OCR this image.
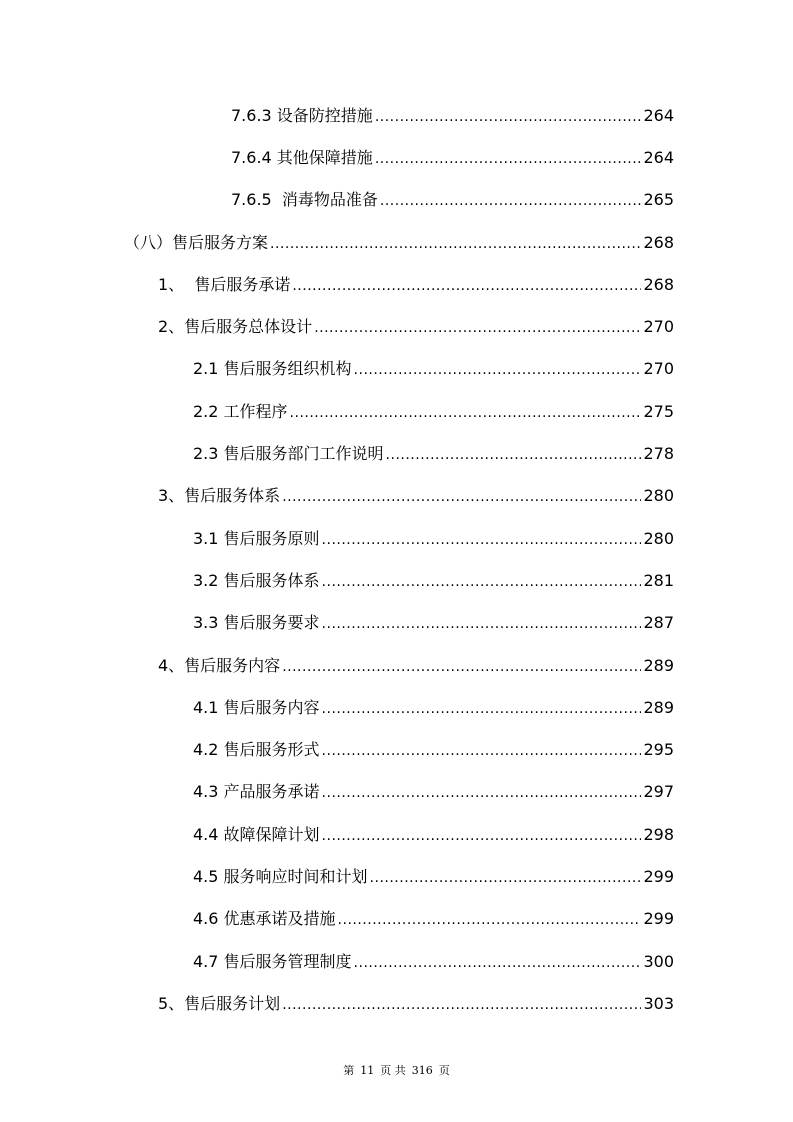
7.6.3 设备防控措施 .....	264
7.6.4 其他保障措施 .....	264
7.6.5  消毒物品准备 .....	265
（八）售后服务方案 .....	268
1、  售后服务承诺 .....	268
2、售后服务总体设计 .....	270
2.1 售后服务组织机构 .....	270
2.2 工作程序 .....	275
2.3 售后服务部门工作说明 .....	278
3、售后服务体系 .....	280
3.1 售后服务原则 .....	280
3.2 售后服务体系 .....	281
3.3 售后服务要求 .....	287
4、售后服务内容 .....	289
4.1 售后服务内容 .....	289
4.2 售后服务形式 .....	295
4.3 产品服务承诺 .....	297
4.4 故障保障计划 .....	298
4.5 服务响应时间和计划 .....	299
4.6 优惠承诺及措施 .....	299
4.7 售后服务管理制度 .....	300
5、售后服务计划 .....	303
第 11 页 共 316 页
